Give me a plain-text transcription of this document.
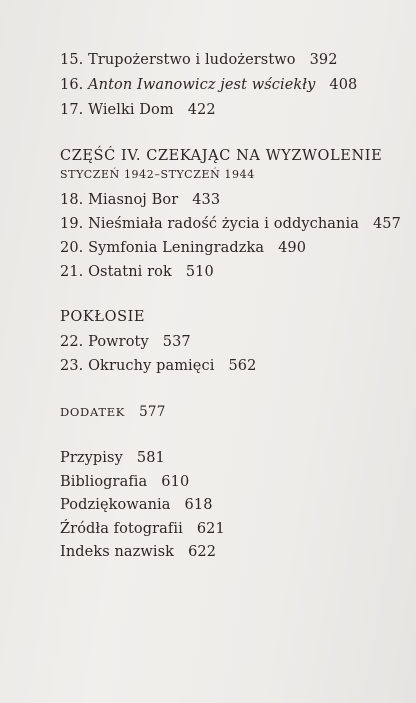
15. Trupożerstwo i ludożerstwo 392
16. Anton Iwanowicz jest wściekły 408
17. Wielki Dom 422
CZĘŚĆ IV. CZEKAJĄC NA WYZWOLENIE
STYCZEŃ 1942–STYCZEŃ 1944
18. Miasnoj Bor 433
19. Nieśmiała radość życia i oddychania 457
20. Symfonia Leningradzka 490
21. Ostatni rok 510
POKŁOSIE
22. Powroty 537
23. Okruchy pamięci 562
DODATEK 577
Przypisy 581
Bibliografia 610
Podziękowania 618
Źródła fotografii 621
Indeks nazwisk 622
